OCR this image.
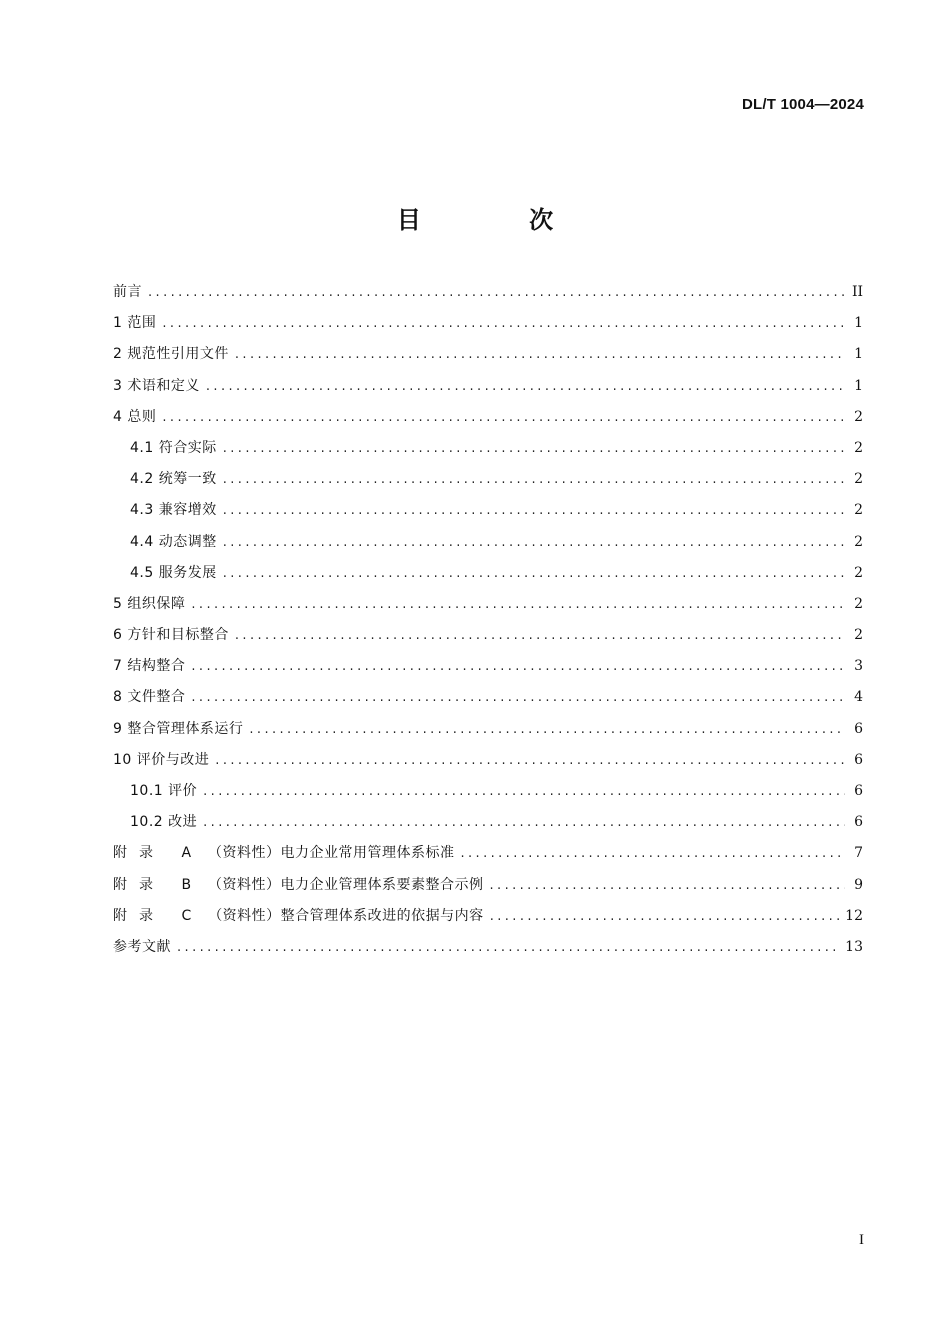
DL/T 1004—2024
目 次
前言 .....	II
1 范围 .....	1
2 规范性引用文件 .....	1
3 术语和定义 .....	1
4 总则 .....	2
4.1 符合实际 .....	2
4.2 统筹一致 .....	2
4.3 兼容增效 .....	2
4.4 动态调整 .....	2
4.5 服务发展 .....	2
5 组织保障 .....	2
6 方针和目标整合 .....	2
7 结构整合 .....	3
8 文件整合 .....	4
9 整合管理体系运行 .....	6
10 评价与改进 .....	6
10.1 评价 .....	6
10.2 改进 .....	6
附录 A （资料性）电力企业常用管理体系标准 .....	7
附录 B （资料性）电力企业管理体系要素整合示例 .....	9
附录 C （资料性）整合管理体系改进的依据与内容 .....	12
参考文献 .....	13
I
